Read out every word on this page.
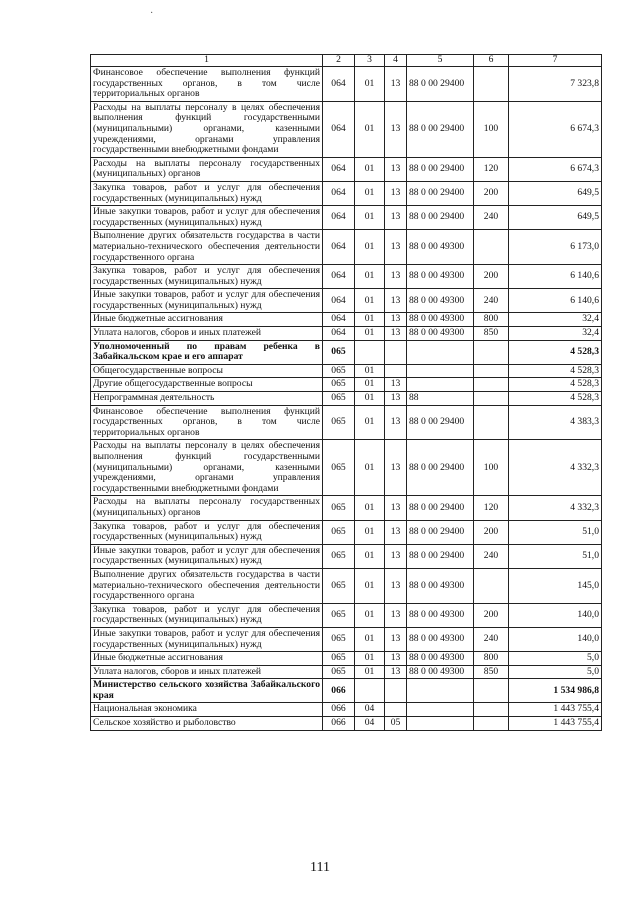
·
1	2	3	4	5	6	7
Финансовое обеспечение выполнения функций государственных органов, в том числе территориальных органов	064	01	13	88 0 00 29400		7 323,8
Расходы на выплаты персоналу в целях обеспечения выполнения функций государственными (муниципальными) органами, казенными учреждениями, органами управления государственными внебюджетными фондами	064	01	13	88 0 00 29400	100	6 674,3
Расходы на выплаты персоналу государственных (муниципальных) органов	064	01	13	88 0 00 29400	120	6 674,3
Закупка товаров, работ и услуг для обеспечения государственных (муниципальных) нужд	064	01	13	88 0 00 29400	200	649,5
Иные закупки товаров, работ и услуг для обеспечения государственных (муниципальных) нужд	064	01	13	88 0 00 29400	240	649,5
Выполнение других обязательств государства в части материально-технического обеспечения деятельности государственного органа	064	01	13	88 0 00 49300		6 173,0
Закупка товаров, работ и услуг для обеспечения государственных (муниципальных) нужд	064	01	13	88 0 00 49300	200	6 140,6
Иные закупки товаров, работ и услуг для обеспечения государственных (муниципальных) нужд	064	01	13	88 0 00 49300	240	6 140,6
Иные бюджетные ассигнования	064	01	13	88 0 00 49300	800	32,4
Уплата налогов, сборов и иных платежей	064	01	13	88 0 00 49300	850	32,4
Уполномоченный по правам ребенка в Забайкальском крае и его аппарат	065					4 528,3
Общегосударственные вопросы	065	01				4 528,3
Другие общегосударственные вопросы	065	01	13			4 528,3
Непрограммная деятельность	065	01	13	88		4 528,3
Финансовое обеспечение выполнения функций государственных органов, в том числе территориальных органов	065	01	13	88 0 00 29400		4 383,3
Расходы на выплаты персоналу в целях обеспечения выполнения функций государственными (муниципальными) органами, казенными учреждениями, органами управления государственными внебюджетными фондами	065	01	13	88 0 00 29400	100	4 332,3
Расходы на выплаты персоналу государственных (муниципальных) органов	065	01	13	88 0 00 29400	120	4 332,3
Закупка товаров, работ и услуг для обеспечения государственных (муниципальных) нужд	065	01	13	88 0 00 29400	200	51,0
Иные закупки товаров, работ и услуг для обеспечения государственных (муниципальных) нужд	065	01	13	88 0 00 29400	240	51,0
Выполнение других обязательств государства в части материально-технического обеспечения деятельности государственного органа	065	01	13	88 0 00 49300		145,0
Закупка товаров, работ и услуг для обеспечения государственных (муниципальных) нужд	065	01	13	88 0 00 49300	200	140,0
Иные закупки товаров, работ и услуг для обеспечения государственных (муниципальных) нужд	065	01	13	88 0 00 49300	240	140,0
Иные бюджетные ассигнования	065	01	13	88 0 00 49300	800	5,0
Уплата налогов, сборов и иных платежей	065	01	13	88 0 00 49300	850	5,0
Министерство сельского хозяйства Забайкальского края	066					1 534 986,8
Национальная экономика	066	04				1 443 755,4
Сельское хозяйство и рыболовство	066	04	05			1 443 755,4
111
